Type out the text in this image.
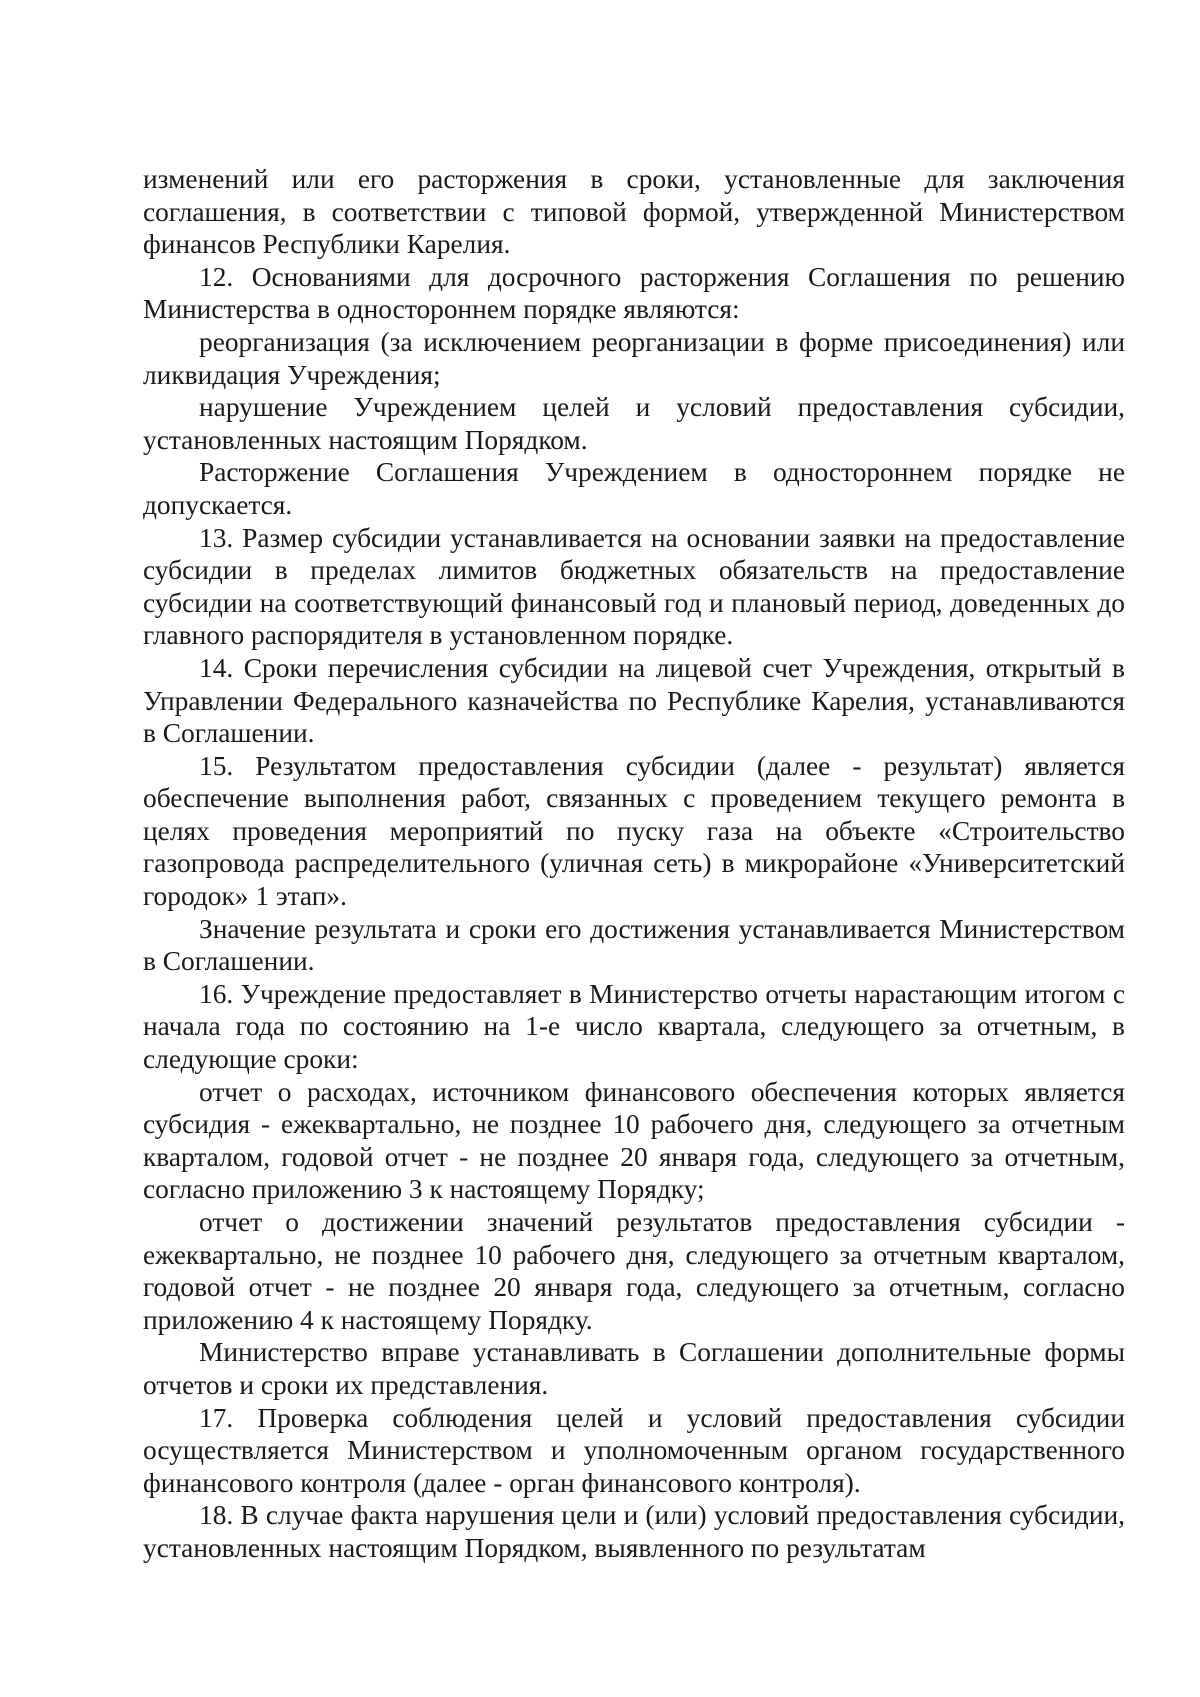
изменений или его расторжения в сроки, установленные для заключения соглашения, в соответствии с типовой формой, утвержденной Министерством финансов Республики Карелия.

12. Основаниями для досрочного расторжения Соглашения по решению Министерства в одностороннем порядке являются:

реорганизация (за исключением реорганизации в форме присоединения) или ликвидация Учреждения;

нарушение Учреждением целей и условий предоставления субсидии, установленных настоящим Порядком.

Расторжение Соглашения Учреждением в одностороннем порядке не допускается.

13. Размер субсидии устанавливается на основании заявки на предоставление субсидии в пределах лимитов бюджетных обязательств на предоставление субсидии на соответствующий финансовый год и плановый период, доведенных до главного распорядителя в установленном порядке.

14. Сроки перечисления субсидии на лицевой счет Учреждения, открытый в Управлении Федерального казначейства по Республике Карелия, устанавливаются в Соглашении.

15. Результатом предоставления субсидии (далее - результат) является обеспечение выполнения работ, связанных с проведением текущего ремонта в целях проведения мероприятий по пуску газа на объекте «Строительство газопровода распределительного (уличная сеть) в микрорайоне «Университетский городок» 1 этап».

Значение результата и сроки его достижения устанавливается Министерством в Соглашении.

16. Учреждение предоставляет в Министерство отчеты нарастающим итогом с начала года по состоянию на 1-е число квартала, следующего за отчетным, в следующие сроки:

отчет о расходах, источником финансового обеспечения которых является субсидия - ежеквартально, не позднее 10 рабочего дня, следующего за отчетным кварталом, годовой отчет - не позднее 20 января года, следующего за отчетным, согласно приложению 3 к настоящему Порядку;

отчет о достижении значений результатов предоставления субсидии - ежеквартально, не позднее 10 рабочего дня, следующего за отчетным кварталом, годовой отчет - не позднее 20 января года, следующего за отчетным, согласно приложению 4 к настоящему Порядку.

Министерство вправе устанавливать в Соглашении дополнительные формы отчетов и сроки их представления.

17. Проверка соблюдения целей и условий предоставления субсидии осуществляется Министерством и уполномоченным органом государственного финансового контроля (далее - орган финансового контроля).

18. В случае факта нарушения цели и (или) условий предоставления субсидии, установленных настоящим Порядком, выявленного по результатам
